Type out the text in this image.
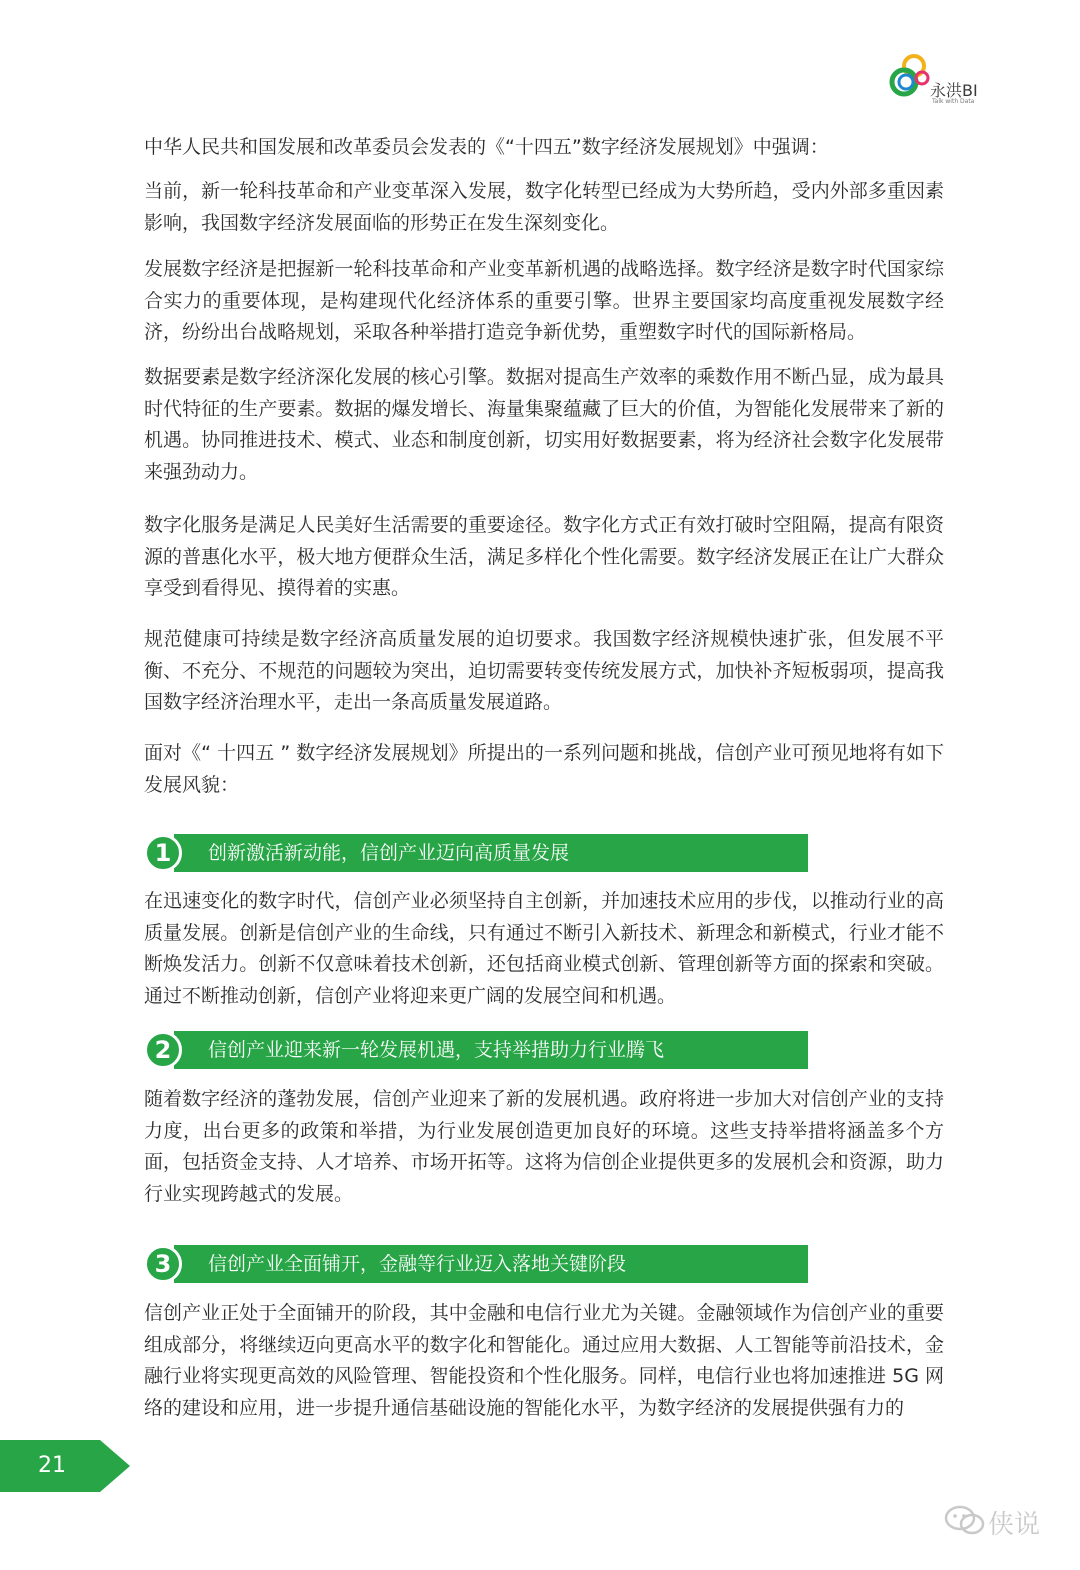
永洪BI
Talk with Data

中华人民共和国发展和改革委员会发表的《“十四五”数字经济发展规划》中强调：

当前，新一轮科技革命和产业变革深入发展，数字化转型已经成为大势所趋，受内外部多重因素影响，我国数字经济发展面临的形势正在发生深刻变化。

发展数字经济是把握新一轮科技革命和产业变革新机遇的战略选择。数字经济是数字时代国家综合实力的重要体现，是构建现代化经济体系的重要引擎。世界主要国家均高度重视发展数字经济，纷纷出台战略规划，采取各种举措打造竞争新优势，重塑数字时代的国际新格局。

数据要素是数字经济深化发展的核心引擎。数据对提高生产效率的乘数作用不断凸显，成为最具时代特征的生产要素。数据的爆发增长、海量集聚蕴藏了巨大的价值，为智能化发展带来了新的机遇。协同推进技术、模式、业态和制度创新，切实用好数据要素，将为经济社会数字化发展带来强劲动力。

数字化服务是满足人民美好生活需要的重要途径。数字化方式正有效打破时空阻隔，提高有限资源的普惠化水平，极大地方便群众生活，满足多样化个性化需要。数字经济发展正在让广大群众享受到看得见、摸得着的实惠。

规范健康可持续是数字经济高质量发展的迫切要求。我国数字经济规模快速扩张，但发展不平衡、不充分、不规范的问题较为突出，迫切需要转变传统发展方式，加快补齐短板弱项，提高我国数字经济治理水平，走出一条高质量发展道路。

面对《“ 十四五 ” 数字经济发展规划》所提出的一系列问题和挑战，信创产业可预见地将有如下发展风貌：

在迅速变化的数字时代，信创产业必须坚持自主创新，并加速技术应用的步伐，以推动行业的高质量发展。创新是信创产业的生命线，只有通过不断引入新技术、新理念和新模式，行业才能不断焕发活力。创新不仅意味着技术创新，还包括商业模式创新、管理创新等方面的探索和突破。通过不断推动创新，信创产业将迎来更广阔的发展空间和机遇。

随着数字经济的蓬勃发展，信创产业迎来了新的发展机遇。政府将进一步加大对信创产业的支持力度，出台更多的政策和举措，为行业发展创造更加良好的环境。这些支持举措将涵盖多个方面，包括资金支持、人才培养、市场开拓等。这将为信创企业提供更多的发展机会和资源，助力行业实现跨越式的发展。

信创产业正处于全面铺开的阶段，其中金融和电信行业尤为关键。金融领域作为信创产业的重要组成部分，将继续迈向更高水平的数字化和智能化。通过应用大数据、人工智能等前沿技术，金融行业将实现更高效的风险管理、智能投资和个性化服务。同样，电信行业也将加速推进 5G 网络的建设和应用，进一步提升通信基础设施的智能化水平，为数字经济的发展提供强有力的

1	创新激活新动能，信创产业迈向高质量发展
2	信创产业迎来新一轮发展机遇，支持举措助力行业腾飞
3	信创产业全面铺开，金融等行业迈入落地关键阶段
21
侠说
